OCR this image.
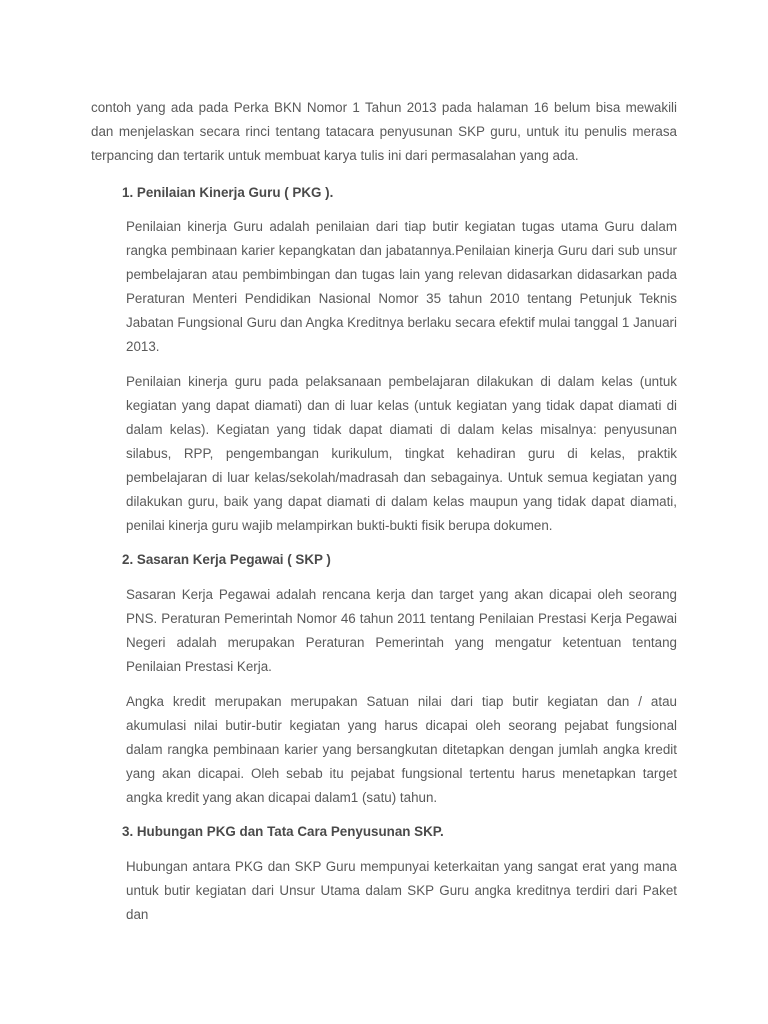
contoh yang ada pada Perka BKN Nomor 1 Tahun 2013 pada halaman 16 belum bisa mewakili dan menjelaskan secara rinci tentang tatacara penyusunan SKP guru, untuk itu penulis merasa terpancing dan tertarik untuk membuat karya tulis ini dari permasalahan yang ada.

1. Penilaian Kinerja Guru ( PKG ).

Penilaian kinerja Guru adalah penilaian dari tiap butir kegiatan tugas utama Guru dalam rangka pembinaan karier kepangkatan dan jabatannya.Penilaian kinerja Guru dari sub unsur pembelajaran atau pembimbingan dan tugas lain yang relevan didasarkan didasarkan pada Peraturan Menteri Pendidikan Nasional Nomor 35 tahun 2010 tentang Petunjuk Teknis Jabatan Fungsional Guru dan Angka Kreditnya berlaku secara efektif mulai tanggal 1 Januari 2013.

Penilaian kinerja guru pada pelaksanaan pembelajaran dilakukan di dalam kelas (untuk kegiatan yang dapat diamati) dan di luar kelas (untuk kegiatan yang tidak dapat diamati di dalam kelas). Kegiatan yang tidak dapat diamati di dalam kelas misalnya: penyusunan silabus, RPP, pengembangan kurikulum, tingkat kehadiran guru di kelas, praktik pembelajaran di luar kelas/sekolah/madrasah dan sebagainya. Untuk semua kegiatan yang dilakukan guru, baik yang dapat diamati di dalam kelas maupun yang tidak dapat diamati, penilai kinerja guru wajib melampirkan bukti-bukti fisik berupa dokumen.

2. Sasaran Kerja Pegawai ( SKP )

Sasaran Kerja Pegawai adalah rencana kerja dan target yang akan dicapai oleh seorang PNS. Peraturan Pemerintah Nomor 46 tahun 2011 tentang Penilaian Prestasi Kerja Pegawai Negeri adalah merupakan Peraturan Pemerintah yang mengatur ketentuan tentang Penilaian Prestasi Kerja.

Angka kredit merupakan merupakan Satuan nilai dari tiap butir kegiatan dan / atau akumulasi nilai butir-butir kegiatan yang harus dicapai oleh seorang pejabat fungsional dalam rangka pembinaan karier yang bersangkutan ditetapkan dengan jumlah angka kredit yang akan dicapai. Oleh sebab itu pejabat fungsional tertentu harus menetapkan target angka kredit yang akan dicapai dalam1 (satu) tahun.

3. Hubungan PKG dan Tata Cara Penyusunan SKP.

Hubungan antara PKG dan SKP Guru mempunyai keterkaitan yang sangat erat yang mana untuk butir kegiatan dari Unsur Utama dalam SKP Guru angka kreditnya terdiri dari Paket dan
